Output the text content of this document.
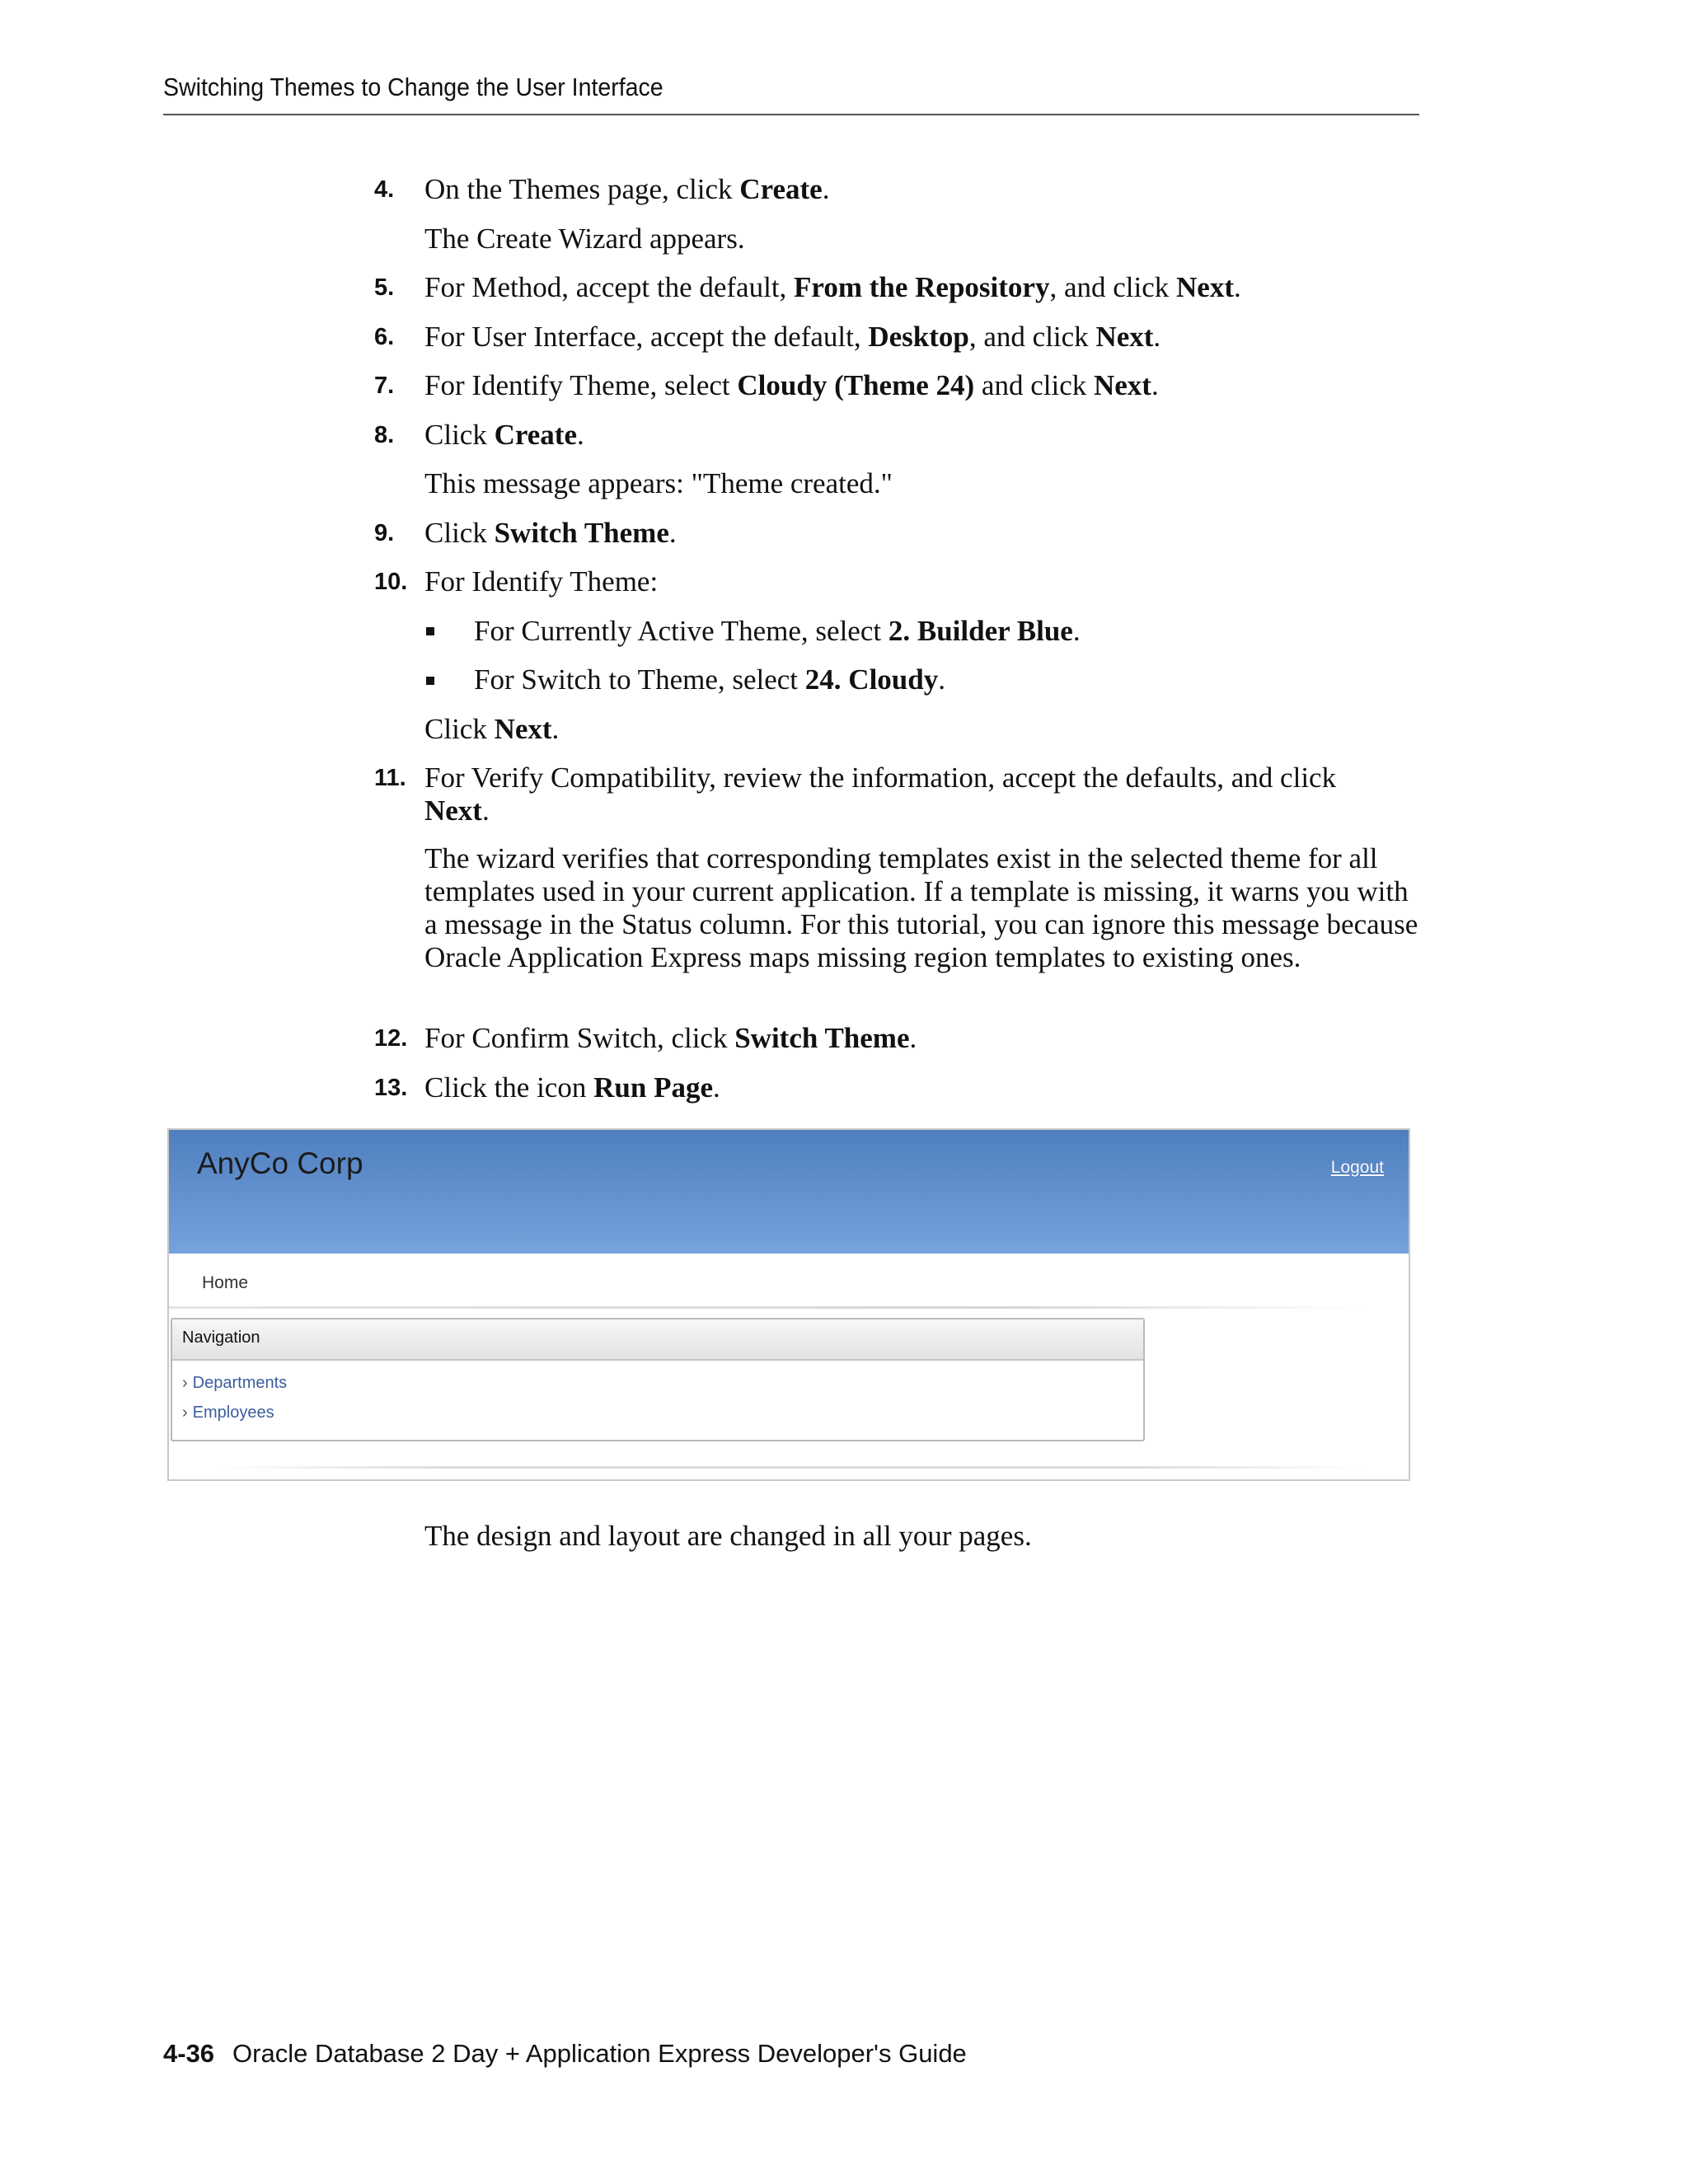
Switching Themes to Change the User Interface
4. On the Themes page, click Create.
The Create Wizard appears.
5. For Method, accept the default, From the Repository, and click Next.
6. For User Interface, accept the default, Desktop, and click Next.
7. For Identify Theme, select Cloudy (Theme 24) and click Next.
8. Click Create.
This message appears: "Theme created."
9. Click Switch Theme.
10. For Identify Theme:
For Currently Active Theme, select 2. Builder Blue.
For Switch to Theme, select 24. Cloudy.
Click Next.
11. For Verify Compatibility, review the information, accept the defaults, and click
Next.
The wizard verifies that corresponding templates exist in the selected theme for all templates used in your current application. If a template is missing, it warns you with a message in the Status column. For this tutorial, you can ignore this message because Oracle Application Express maps missing region templates to existing ones.
12. For Confirm Switch, click Switch Theme.
13. Click the icon Run Page.
AnyCo Corp	Logout
Home
Navigation
› Departments
› Employees
The design and layout are changed in all your pages.
4-36 Oracle Database 2 Day + Application Express Developer's Guide
